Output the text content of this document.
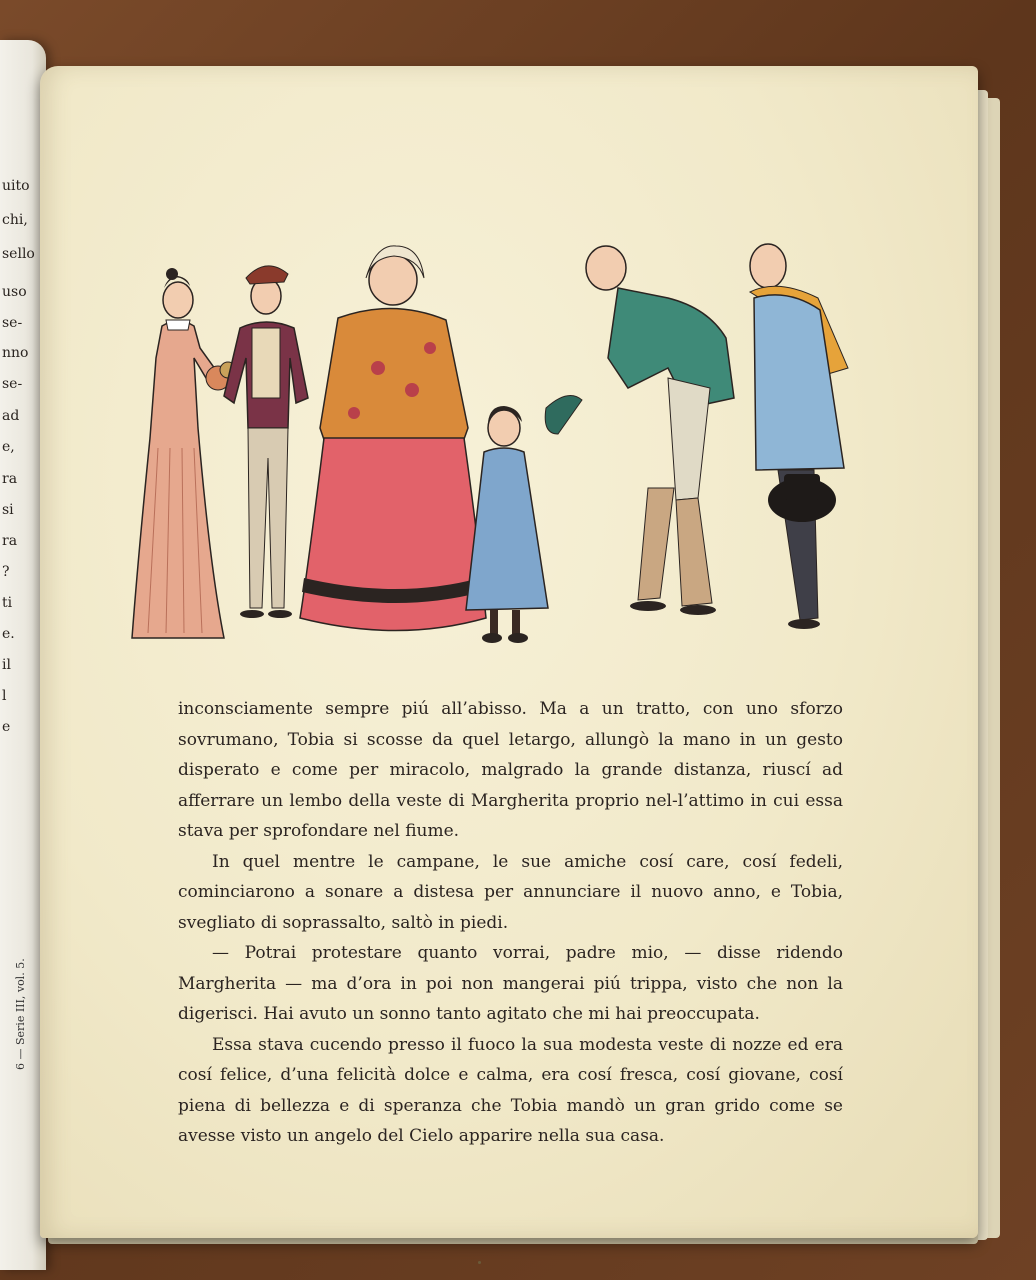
uito
chi,
sello
uso
se-
nno
se-
ad
e,
ra
si
ra
?
ti
e.
il
l
e
6 — Serie III, vol. 5.

inconsciamente sempre piú all’abisso. Ma a un tratto, con uno sforzo sovrumano, Tobia si scosse da quel letargo, allungò la mano in un gesto disperato e come per miracolo, malgrado la grande distanza, riuscí ad afferrare un lembo della veste di Margherita proprio nel-l’attimo in cui essa stava per sprofondare nel fiume.

In quel mentre le campane, le sue amiche cosí care, cosí fedeli, cominciarono a sonare a distesa per annunciare il nuovo anno, e Tobia, svegliato di soprassalto, saltò in piedi.

— Potrai protestare quanto vorrai, padre mio, — disse ridendo Margherita — ma d’ora in poi non mangerai piú trippa, visto che non la digerisci. Hai avuto un sonno tanto agitato che mi hai preoccupata.

Essa stava cucendo presso il fuoco la sua modesta veste di nozze ed era cosí felice, d’una felicità dolce e calma, era cosí fresca, cosí giovane, cosí piena di bellezza e di speranza che Tobia mandò un gran grido come se avesse visto un angelo del Cielo apparire nella sua casa.
